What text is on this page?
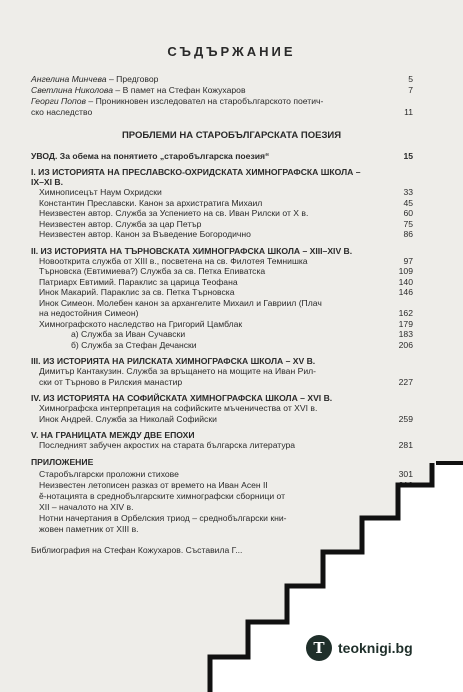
СЪДЪРЖАНИЕ
Ангелина Минчева – Предговор	5
Светлина Николова – В памет на Стефан Кожухаров	7
Георги Попов – Проникновен изследовател на старобългарското поетич-
ско наследство	11
ПРОБЛЕМИ НА СТАРОБЪЛГАРСКАТА ПОЕЗИЯ
УВОД. За обема на понятието „старобългарска поезия“	15
I. ИЗ ИСТОРИЯТА НА ПРЕСЛАВСКО-ОХРИДСКАТА ХИМНОГРАФСКА ШКОЛА –
IX–XI В.
Химнописецът Наум Охридски	33
Константин Преславски. Канон за архистратига Михаил	45
Неизвестен автор. Служба за Успението на св. Иван Рилски от Х в.	60
Неизвестен автор. Служба за цар Петър	75
Неизвестен автор. Канон за Въведение Богородично	86
II. ИЗ ИСТОРИЯТА НА ТЪРНОВСКАТА ХИМНОГРАФСКА ШКОЛА – XIII–XIV В.
Новооткрита служба от XIII в., посветена на св. Филотея Темнишка	97
Търновска (Евтимиева?) Служба за св. Петка Епиватска	109
Патриарх Евтимий. Параклис за царица Теофана	140
Инок Макарий. Параклис за св. Петка Търновска	146
Инок Симеон. Молебен канон за архангелите Михаил и Гавриил (Плач
на недостойния Симеон)	162
Химнографското наследство на Григорий Цамблак	179
а) Служба за Иван Сучавски	183
б) Служба за Стефан Дечански	206
III. ИЗ ИСТОРИЯТА НА РИЛСКАТА ХИМНОГРАФСКА ШКОЛА – XV В.
Димитър Кантакузин. Служба за връщането на мощите на Иван Рил-
ски от Търново в Рилския манастир	227
IV. ИЗ ИСТОРИЯТА НА СОФИЙСКАТА ХИМНОГРАФСКА ШКОЛА – XVI В.
Химнографска интерпретация на софийските мъченичества от XVI в.
Инок Андрей. Служба за Николай Софийски	259
V. НА ГРАНИЦАТА МЕЖДУ ДВЕ ЕПОХИ
Последният забучен акростих на старата българска литература	281
ПРИЛОЖЕНИЕ
Старобългарски проложни стихове	301
Неизвестен летописен разказ от времето на Иван Асен II	310
ӗ-нотацията в среднобългарските химнографски сборници от
XII – началото на XIV в.
Нотни начертания в Орбелския триод – среднобългарски кни-
жовен паметник от XIII в.
Библиография на Стефан Кожухаров. Съставила Г...
T teoknigi.bg
